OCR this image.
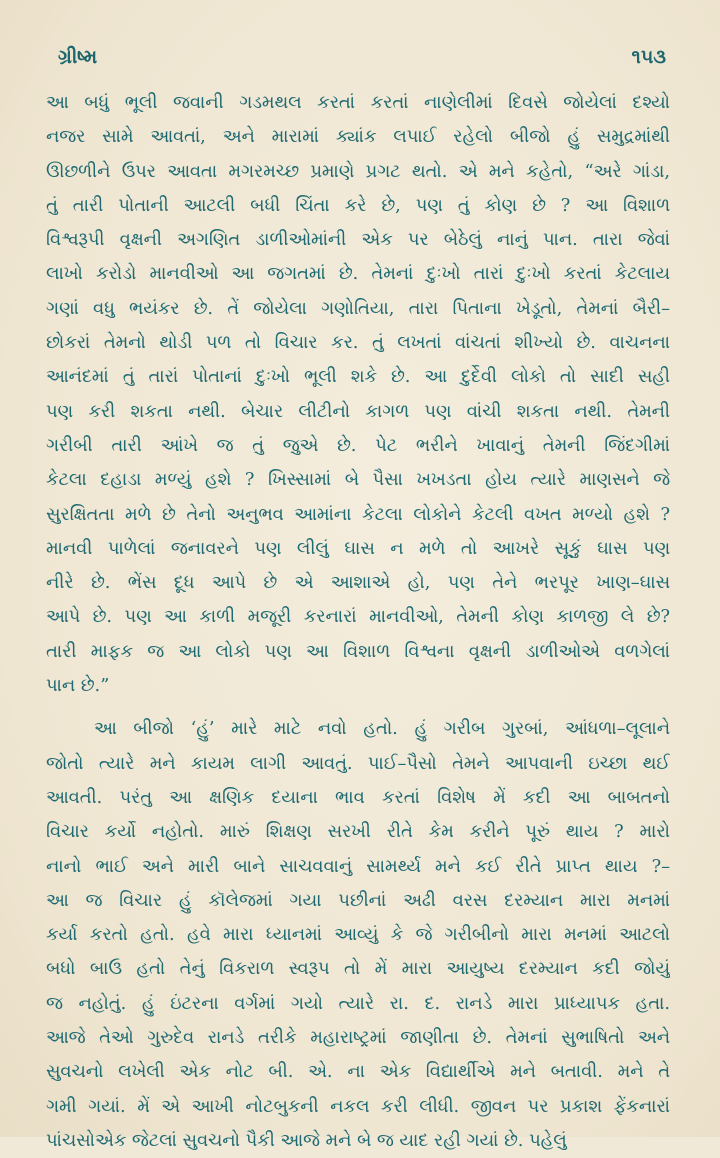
ગ્રીષ્મ	૧૫૩
આ બધું ભૂલી જવાની ગડમથલ કરતાં કરતાં નાણેલીમાં દિવસે જોયેલાં દશ્યો
નજર સામે આવતાં, અને મારામાં ક્યાંક લપાઈ રહેલો બીજો હું સમુદ્રમાંથી
ઊછળીને ઉપર આવતા મગરમચ્છ પ્રમાણે પ્રગટ થતો. એ મને કહેતો, “અરે ગાંડા,
તું તારી પોતાની આટલી બધી ચિંતા કરે છે, પણ તું કોણ છે ? આ વિશાળ
વિશ્વરૂપી વૃક્ષની અગણિત ડાળીઓમાંની એક પર બેઠેલું નાનું પાન. તારા જેવાં
લાખો કરોડો માનવીઓ આ જગતમાં છે. તેમનાં દુઃખો તારાં દુઃખો કરતાં કેટલાય
ગણાં વધુ ભયંકર છે. તેં જોયેલા ગણોતિયા, તારા પિતાના ખેડૂતો, તેમનાં બૈરી–
છોકરાં તેમનો થોડી પળ તો વિચાર કર. તું લખતાં વાંચતાં શીખ્યો છે. વાચનના
આનંદમાં તું તારાં પોતાનાં દુઃખો ભૂલી શકે છે. આ દુર્દેવી લોકો તો સાદી સહી
પણ કરી શકતા નથી. બેચાર લીટીનો કાગળ પણ વાંચી શકતા નથી. તેમની
ગરીબી તારી આંખે જ તું જુએ છે. પેટ ભરીને ખાવાનું તેમની જિંદગીમાં
કેટલા દહાડા મળ્યું હશે ? ખિસ્સામાં બે પૈસા ખખડતા હોય ત્યારે માણસને જે
સુરક્ષિતતા મળે છે તેનો અનુભવ આમાંના કેટલા લોકોને કેટલી વખત મળ્યો હશે ?
માનવી પાળેલાં જનાવરને પણ લીલું ઘાસ ન મળે તો આખરે સૂકું ઘાસ પણ
નીરે છે. ભેંસ દૂધ આપે છે એ આશાએ હો, પણ તેને ભરપૂર ખાણ–ઘાસ
આપે છે. પણ આ કાળી મજૂરી કરનારાં માનવીઓ, તેમની કોણ કાળજી લે છે?
તારી માફક જ આ લોકો પણ આ વિશાળ વિશ્વના વૃક્ષની ડાળીઓએ વળગેલાં
પાન છે.”
આ બીજો ‘હું’ મારે માટે નવો હતો. હું ગરીબ ગુરબાં, આંધળા–લૂલાને
જોતો ત્યારે મને કાયમ લાગી આવતું. પાઈ–પૈસો તેમને આપવાની ઇચ્છા થઈ
આવતી. પરંતુ આ ક્ષણિક દયાના ભાવ કરતાં વિશેષ મેં કદી આ બાબતનો
વિચાર કર્યો નહોતો. મારું શિક્ષણ સરખી રીતે કેમ કરીને પૂરું થાય ? મારો
નાનો ભાઈ અને મારી બાને સાચવવાનું સામર્થ્ય મને કઈ રીતે પ્રાપ્ત થાય ?–
આ જ વિચાર હું કૉલેજમાં ગયા પછીનાં અઢી વરસ દરમ્યાન મારા મનમાં
કર્યા કરતો હતો. હવે મારા ધ્યાનમાં આવ્યું કે જે ગરીબીનો મારા મનમાં આટલો
બધો બાઉ હતો તેનું વિકરાળ સ્વરૂપ તો મેં મારા આયુષ્ય દરમ્યાન કદી જોયું
જ નહોતું. હું ઇંટરના વર્ગમાં ગયો ત્યારે રા. દ. રાનડે મારા પ્રાધ્યાપક હતા.
આજે તેઓ ગુરુદેવ રાનડે તરીકે મહારાષ્ટ્રમાં જાણીતા છે. તેમનાં સુભાષિતો અને
સુવચનો લખેલી એક નોટ બી. એ. ના એક વિદ્યાર્થીએ મને બતાવી. મને તે
ગમી ગયાં. મેં એ આખી નોટબુકની નકલ કરી લીધી. જીવન પર પ્રકાશ ફેંકનારાં
પાંચસોએક જેટલાં સુવચનો પૈકી આજે મને બે જ યાદ રહી ગયાં છે. પહેલું
